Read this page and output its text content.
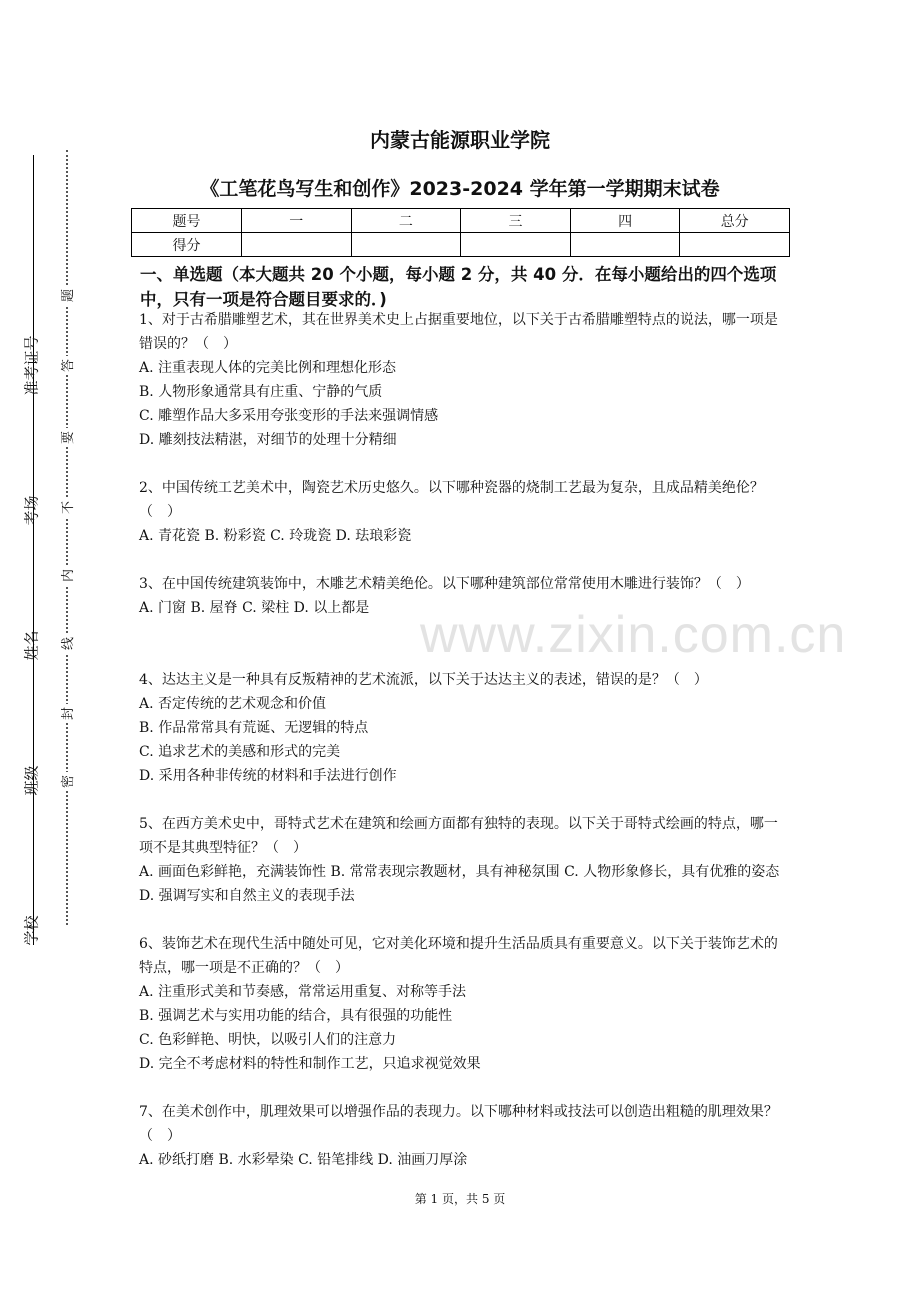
准考证号
考场
姓名
班级
学校
题
答
要
不
内
线
封
密
www.zixin.com.cn
内蒙古能源职业学院
《工笔花鸟写生和创作》2023-2024 学年第一学期期末试卷
题号	一	二	三	四	总分
得分					
一、单选题（本大题共 20 个小题，每小题 2 分，共 40 分．在每小题给出的四个选项中，只有一项是符合题目要求的．)

1、对于古希腊雕塑艺术，其在世界美术史上占据重要地位，以下关于古希腊雕塑特点的说法，哪一项是错误的？（　）

A. 注重表现人体的完美比例和理想化形态

B. 人物形象通常具有庄重、宁静的气质

C. 雕塑作品大多采用夸张变形的手法来强调情感

D. 雕刻技法精湛，对细节的处理十分精细

2、中国传统工艺美术中，陶瓷艺术历史悠久。以下哪种瓷器的烧制工艺最为复杂，且成品精美绝伦？（　）

A. 青花瓷 B. 粉彩瓷 C. 玲珑瓷 D. 珐琅彩瓷

3、在中国传统建筑装饰中，木雕艺术精美绝伦。以下哪种建筑部位常常使用木雕进行装饰？（　）

A. 门窗 B. 屋脊 C. 梁柱 D. 以上都是

4、达达主义是一种具有反叛精神的艺术流派，以下关于达达主义的表述，错误的是？（　）

A. 否定传统的艺术观念和价值

B. 作品常常具有荒诞、无逻辑的特点

C. 追求艺术的美感和形式的完美

D. 采用各种非传统的材料和手法进行创作

5、在西方美术史中，哥特式艺术在建筑和绘画方面都有独特的表现。以下关于哥特式绘画的特点，哪一项不是其典型特征？（　）

A. 画面色彩鲜艳，充满装饰性 B. 常常表现宗教题材，具有神秘氛围 C. 人物形象修长，具有优雅的姿态 D. 强调写实和自然主义的表现手法

6、装饰艺术在现代生活中随处可见，它对美化环境和提升生活品质具有重要意义。以下关于装饰艺术的特点，哪一项是不正确的？（　）

A. 注重形式美和节奏感，常常运用重复、对称等手法

B. 强调艺术与实用功能的结合，具有很强的功能性

C. 色彩鲜艳、明快，以吸引人们的注意力

D. 完全不考虑材料的特性和制作工艺，只追求视觉效果

7、在美术创作中，肌理效果可以增强作品的表现力。以下哪种材料或技法可以创造出粗糙的肌理效果？（　）

A. 砂纸打磨 B. 水彩晕染 C. 铅笔排线 D. 油画刀厚涂

第 1 页，共 5 页
